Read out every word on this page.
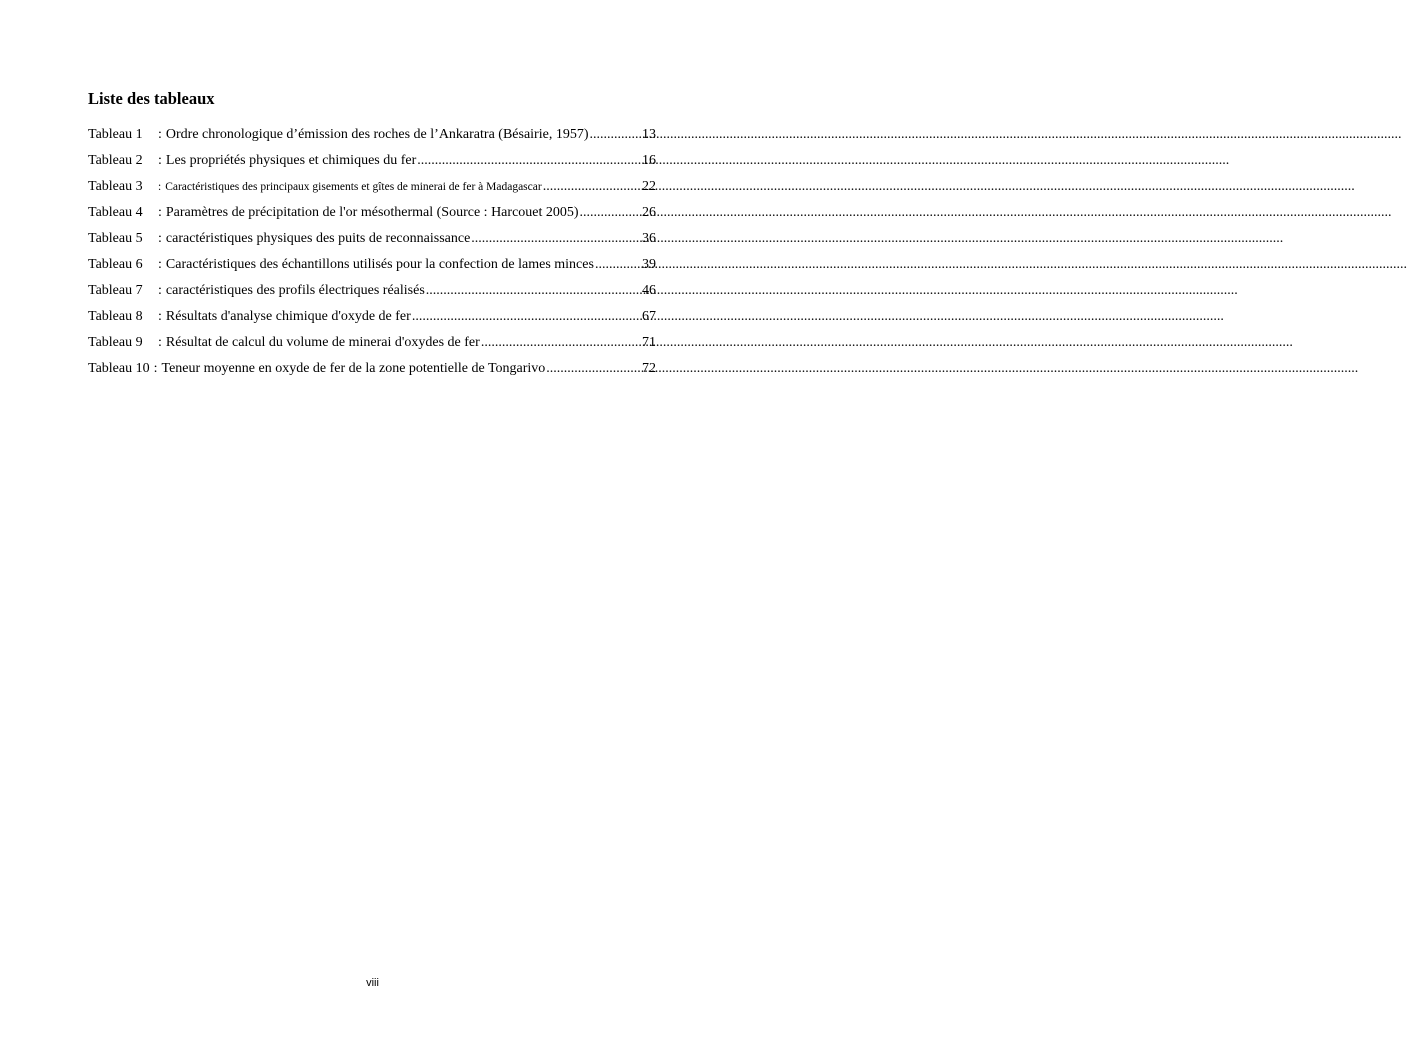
Liste des tableaux
Tableau 1	: Ordre chronologique d’émission des roches de l’Ankaratra (Bésairie, 1957) .....	13
Tableau 2	: Les propriétés physiques et chimiques du fer .....	16
Tableau 3	: Caractéristiques des principaux gisements et gîtes de minerai de fer à Madagascar .....	22
Tableau 4	: Paramètres de précipitation de l'or mésothermal (Source : Harcouet 2005) .....	26
Tableau 5	: caractéristiques physiques des puits de reconnaissance .....	36
Tableau 6	: Caractéristiques des échantillons utilisés pour la confection de lames minces .....	39
Tableau 7	: caractéristiques des profils électriques réalisés .....	46
Tableau 8	: Résultats d'analyse chimique d'oxyde de fer .....	67
Tableau 9	: Résultat de calcul du volume de minerai d'oxydes de fer .....	71
Tableau 10 : Teneur moyenne en oxyde de fer de la zone potentielle de Tongarivo .....	72
viii
